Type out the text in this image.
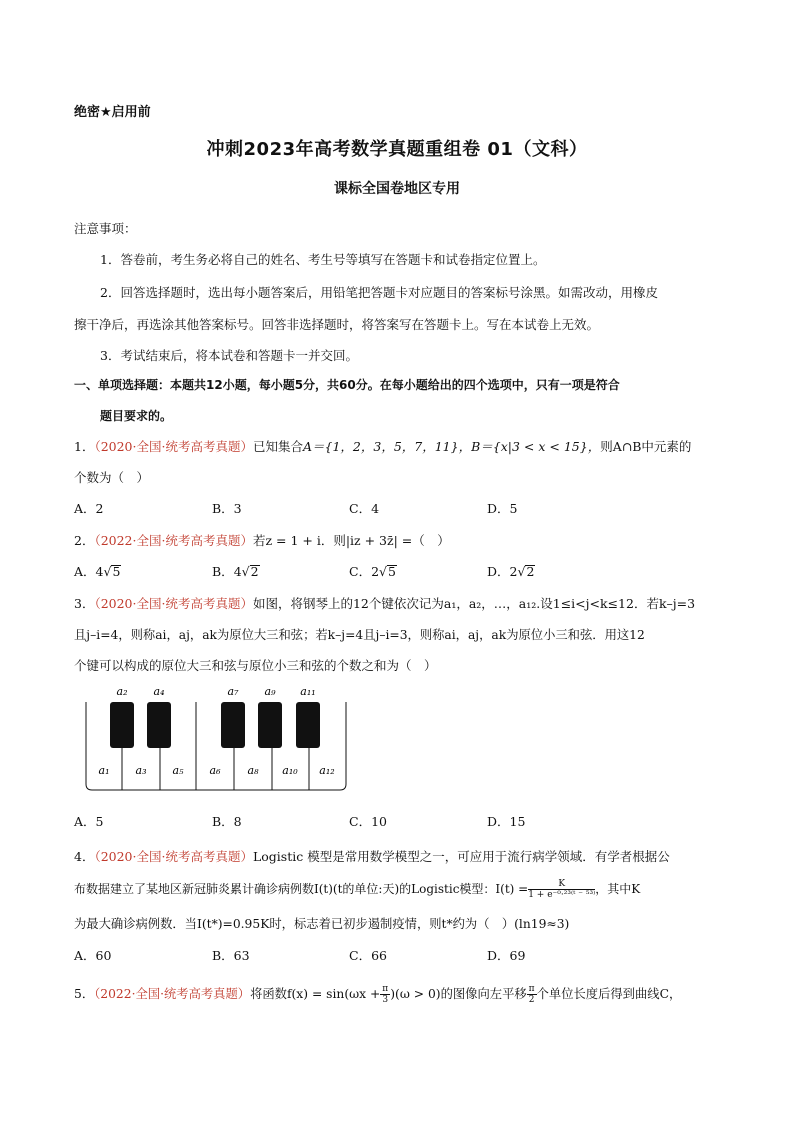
绝密★启用前
冲刺2023年高考数学真题重组卷 01（文科）
课标全国卷地区专用
注意事项：
1．答卷前，考生务必将自己的姓名、考生号等填写在答题卡和试卷指定位置上。
2．回答选择题时，选出每小题答案后，用铅笔把答题卡对应题目的答案标号涂黑。如需改动，用橡皮
擦干净后，再选涂其他答案标号。回答非选择题时，将答案写在答题卡上。写在本试卷上无效。
3．考试结束后，将本试卷和答题卡一并交回。
一、单项选择题：本题共12小题，每小题5分，共60分。在每小题给出的四个选项中，只有一项是符合
题目要求的。
1．（2020·全国·统考高考真题）已知集合A＝{1，2，3，5，7，11}，B＝{x|3 < x < 15}，则A∩B中元素的
个数为（　）
A．2	B．3	C．4	D．5
2．（2022·全国·统考高考真题）若z = 1 + i．则|iz + 3z̄| =（　）
A．4√5	B．4√2	C．2√5	D．2√2
3．（2020·全国·统考高考真题）如图，将钢琴上的12个键依次记为a₁，a₂，…，a₁₂.设1≤i<j<k≤12．若k–j=3
且j–i=4，则称ai，aj，ak为原位大三和弦；若k–j=4且j–i=3，则称ai，aj，ak为原位小三和弦．用这12
个键可以构成的原位大三和弦与原位小三和弦的个数之和为（　）
a₂ a₄	a₇ a₉ a₁₁
a₁ a₃ a₅ a₆ a₈ a₁₀ a₁₂
A．5	B．8	C．10	D．15
4．（2020·全国·统考高考真题）Logistic 模型是常用数学模型之一，可应用于流行病学领域．有学者根据公
布数据建立了某地区新冠肺炎累计确诊病例数I(t)(t的单位:天)的Logistic模型：$I(t) = \frac{K}{\text{1 + e⁻⁰·²³⁽ᵗ ⁻ ⁵³⁾}}$ ，其中K
为最大确诊病例数．当I(t*)=0.95K时，标志着已初步遏制疫情，则t*约为（　）(ln19≈3)
A．60	B．63	C．66	D．69
5．（2022·全国·统考高考真题）将函数$f(x) = \sin(\omega x + \frac{\pi}{3} )(\omega > 0)$的图像向左平移 $\frac{\pi}{2}$ 个单位长度后得到曲线C，
